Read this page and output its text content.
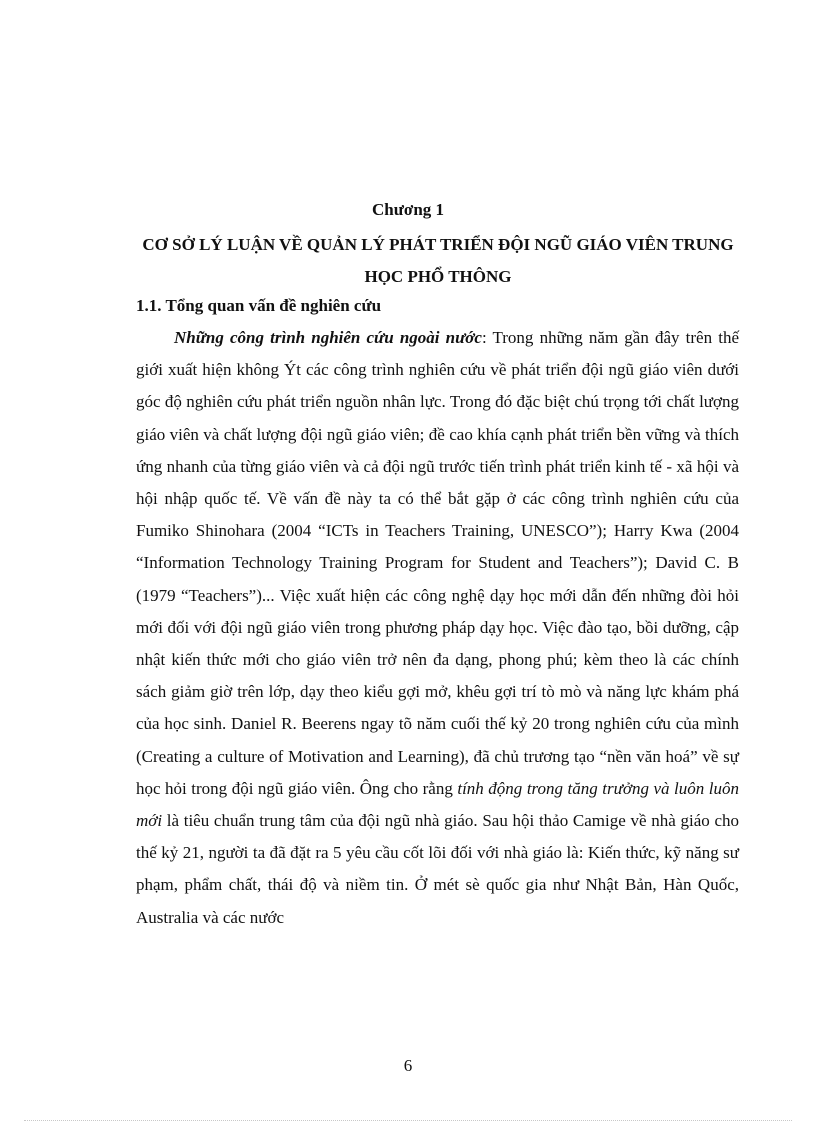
Chương 1
CƠ SỞ LÝ LUẬN VỀ QUẢN LÝ PHÁT TRIỂN ĐỘI NGŨ GIÁO VIÊN TRUNG HỌC PHỔ THÔNG
1.1. Tổng quan vấn đề nghiên cứu

Những công trình nghiên cứu ngoài nước: Trong những năm gần đây trên thế giới xuất hiện không Ýt các công trình nghiên cứu về phát triển đội ngũ giáo viên dưới góc độ nghiên cứu phát triển nguồn nhân lực. Trong đó đặc biệt chú trọng tới chất lượng giáo viên và chất lượng đội ngũ giáo viên; đề cao khía cạnh phát triển bền vững và thích ứng nhanh của từng giáo viên và cả đội ngũ trước tiến trình phát triển kinh tế - xã hội và hội nhập quốc tế. Về vấn đề này ta có thể bắt gặp ở các công trình nghiên cứu của Fumiko Shinohara (2004 “ICTs in Teachers Training, UNESCO”); Harry Kwa (2004 “Information Technology Training Program for Student and Teachers”); David C. B (1979 “Teachers”)... Việc xuất hiện các công nghệ dạy học mới dẫn đến những đòi hỏi mới đối với đội ngũ giáo viên trong phương pháp dạy học. Việc đào tạo, bồi dưỡng, cập nhật kiến thức mới cho giáo viên trở nên đa dạng, phong phú; kèm theo là các chính sách giảm giờ trên lớp, dạy theo kiểu gợi mở, khêu gợi trí tò mò và năng lực khám phá của học sinh. Daniel R. Beerens ngay tõ năm cuối thế kỷ 20 trong nghiên cứu của mình (Creating a culture of Motivation and Learning), đã chủ trương tạo “nền văn hoá” về sự học hỏi trong đội ngũ giáo viên. Ông cho rằng tính động trong tăng trưởng và luôn luôn mới là tiêu chuẩn trung tâm của đội ngũ nhà giáo. Sau hội thảo Camige về nhà giáo cho thế kỷ 21, người ta đã đặt ra 5 yêu cầu cốt lõi đối với nhà giáo là: Kiến thức, kỹ năng sư phạm, phẩm chất, thái độ và niềm tin. Ở mét sè quốc gia như Nhật Bản, Hàn Quốc, Australia và các nước

6
